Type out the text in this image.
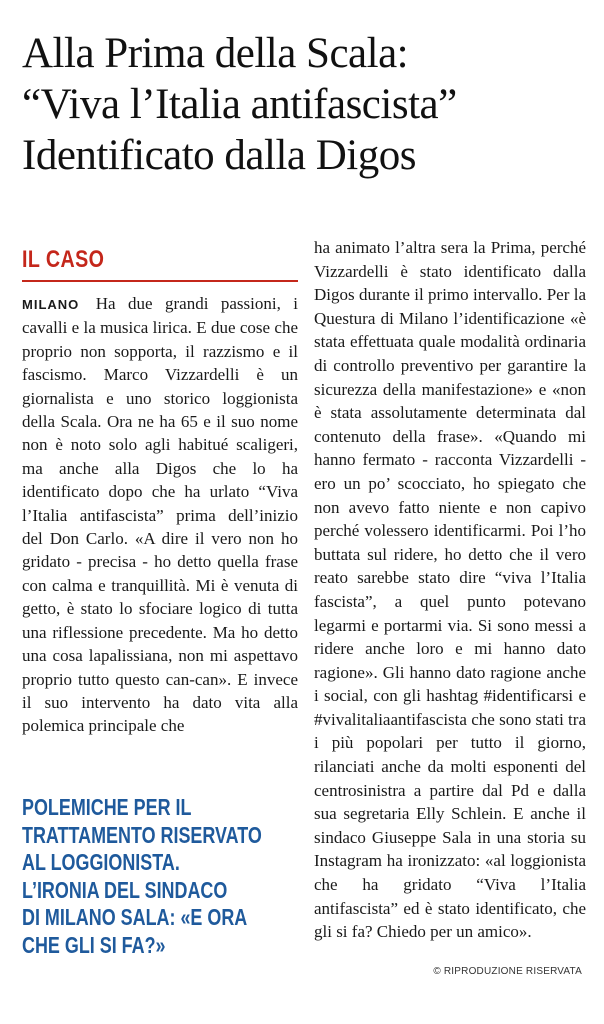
Alla Prima della Scala:
“Viva l’Italia antifascista”
Identificato dalla Digos
IL CASO
MILANO Ha due grandi passioni, i cavalli e la musica lirica. E due cose che proprio non sopporta, il razzismo e il fascismo. Marco Vizzardelli è un giornalista e uno storico loggionista della Scala. Ora ne ha 65 e il suo nome non è noto solo agli habitué scaligeri, ma anche alla Digos che lo ha identificato dopo che ha urlato “Viva l’Italia antifascista” prima dell’inizio del Don Carlo. «A dire il vero non ho gridato - precisa - ho detto quella frase con calma e tranquillità. Mi è venuta di getto, è stato lo sfociare logico di tutta una riflessione precedente. Ma ho detto una cosa lapalissiana, non mi aspettavo proprio tutto questo can-can». E invece il suo intervento ha dato vita alla polemica principale che
ha animato l’altra sera la Prima, perché Vizzardelli è stato identificato dalla Digos durante il primo intervallo. Per la Questura di Milano l’identificazione «è stata effettuata quale modalità ordinaria di controllo preventivo per garantire la sicurezza della manifestazione» e «non è stata assolutamente determinata dal contenuto della frase». «Quando mi hanno fermato - racconta Vizzardelli - ero un po’ scocciato, ho spiegato che non avevo fatto niente e non capivo perché volessero identificarmi. Poi l’ho buttata sul ridere, ho detto che il vero reato sarebbe stato dire “viva l’Italia fascista”, a quel punto potevano legarmi e portarmi via. Si sono messi a ridere anche loro e mi hanno dato ragione». Gli hanno dato ragione anche i social, con gli hashtag #identificarsi e #vivalitaliaantifascista che sono stati tra i più popolari per tutto il giorno, rilanciati anche da molti esponenti del centrosinistra a partire dal Pd e dalla sua segretaria Elly Schlein. E anche il sindaco Giuseppe Sala in una storia su Instagram ha ironizzato: «al loggionista che ha gridato “Viva l’Italia antifascista” ed è stato identificato, che gli si fa? Chiedo per un amico».
POLEMICHE PER IL
TRATTAMENTO RISERVATO
AL LOGGIONISTA.
L’IRONIA DEL SINDACO
DI MILANO SALA: «E ORA
CHE GLI SI FA?»
© RIPRODUZIONE RISERVATA
